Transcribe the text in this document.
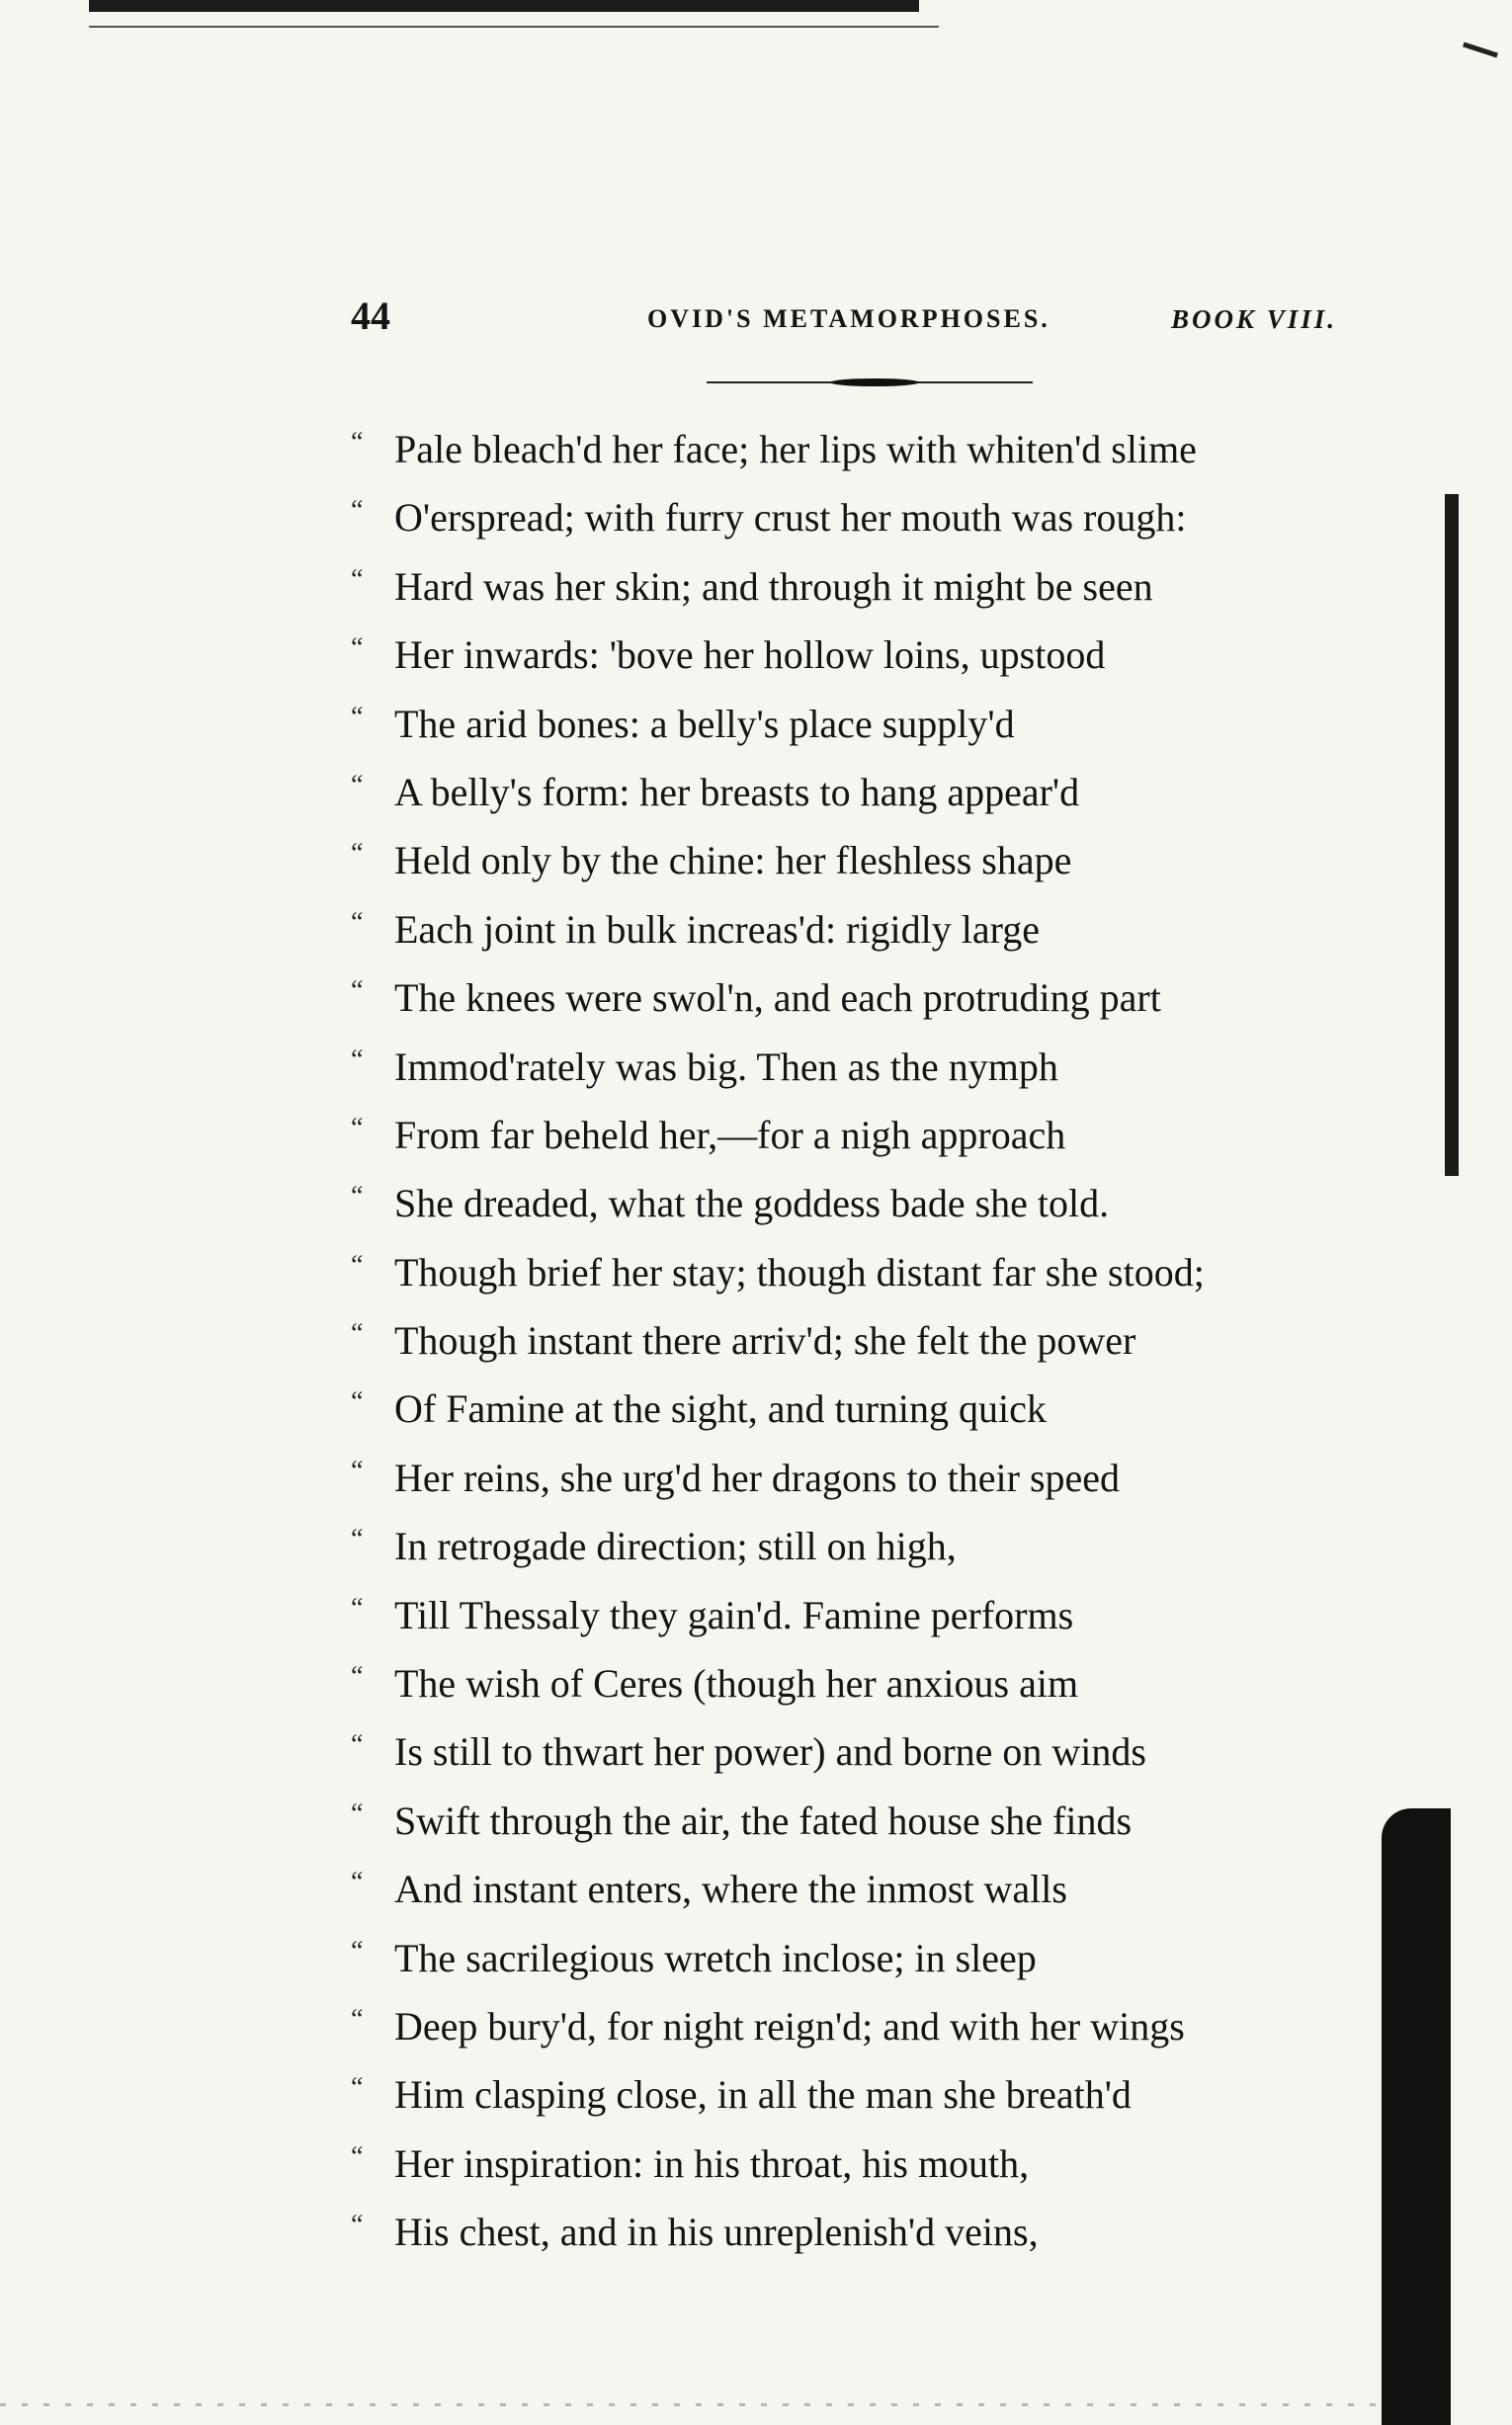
44	OVID'S METAMORPHOSES.	BOOK VIII.
“ Pale bleach'd her face; her lips with whiten'd slime
“ O'erspread; with furry crust her mouth was rough:
“ Hard was her skin; and through it might be seen
“ Her inwards: 'bove her hollow loins, upstood
“ The arid bones: a belly's place supply'd
“ A belly's form: her breasts to hang appear'd
“ Held only by the chine: her fleshless shape
“ Each joint in bulk increas'd: rigidly large
“ The knees were swol'n, and each protruding part
“ Immod'rately was big. Then as the nymph
“ From far beheld her,—for a nigh approach
“ She dreaded, what the goddess bade she told.
“ Though brief her stay; though distant far she stood;
“ Though instant there arriv'd; she felt the power
“ Of Famine at the sight, and turning quick
“ Her reins, she urg'd her dragons to their speed
“ In retrogade direction; still on high,
“ Till Thessaly they gain'd. Famine performs
“ The wish of Ceres (though her anxious aim
“ Is still to thwart her power) and borne on winds
“ Swift through the air, the fated house she finds
“ And instant enters, where the inmost walls
“ The sacrilegious wretch inclose; in sleep
“ Deep bury'd, for night reign'd; and with her wings
“ Him clasping close, in all the man she breath'd
“ Her inspiration: in his throat, his mouth,
“ His chest, and in his unreplenish'd veins,
